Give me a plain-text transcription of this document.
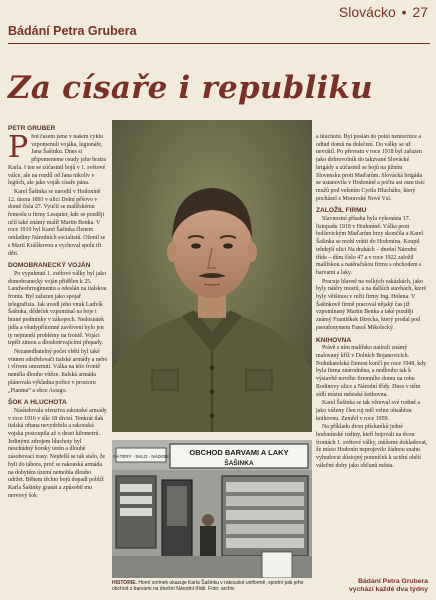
Slovácko • 27
Bádání Petra Grubera
Za císaře i republiku
PETR GRUBER

Před časem jsme v našem cyklu vzpomenuli vojáka, legionáře, Jana Šašinku. Dnes si připomeneme osudy jeho bratra Karla. I ten se zúčastnil bojů v 1. světové válce, ale na rozdíl od Jana nikoliv v legiích, ale jako voják císaře pána.

Karel Šašinka se narodil v Hodoníně 12. února 1893 v ulici Dolní pěšovo v domě čísla 27. Vyučil se malířskému řemeslu u firmy Lesquier, kde se později učil také známý malíř Martin Benka. V roce 1910 byl Karel Šašinka členem omladiny Národních socialistů. Oženil se s Marií Králíkovou a vychoval spolu tři děti.

DOMOBRANECKÝ VOJÁN

Po vypuknutí 1. světové války byl jako domobranecký voján přidělen k 25. Landwehrregimentu a odeslán na italskou frontu. Byl zařazen jako spojař telegrafista. Jak uvedl jeho vnuk Ludvík Šašinka, dědeček vzpomínal na boje i hrané podmínky v zákopech. Nedostatek jídla a všudypřítomné zavšivení bylo jen ty nejmenší problémy na frontě. Vojáci trpěli zimou a dlouhotrvajícími přepady.

Nezanedbatelný počet obětí byl také vinnen odstřelovači italské armády a nebo i vlivem umrznutí. Válka na této frontě neměla dlouho vítěze. Italská armáda plánovala výkladna pořice v prostoru „Pianina“ a obce Asiago.

ŠOK A HLUCHOTA

Následovala ofenziva rakouské armády v roce 1916 v síle 18 divizí. Tenkrát tlak italská ořtana nevydržela a rakouská vojska postoupila až o deset kilometrů. Jedinými zdrojem hluchoty byl neschůdný horský terén a dlouhé zásobovací trasy. Nejdelší se tak stalo, že byli do tábora, proč se rakouská armáda na dobytém území nemohla dlouho udržet. Během těchto bojů dopadl poblíž Karla Šašinky granát a způsobil mu nervový šok

NÁTĚRY · SKLO · NÁDOBÍ	OBCHOD BARVAMI A LAKY
ŠAŠINKA
HISTORIE. Horní snímek ukazuje Karla Šašinku v rakouské uniformě, spodní pak jeho obchod s barvami na dnešní Národní třídě. Foto: archiv

a hluchotu. Byl poslán do polní nemocnice a odtud domů na dolečení. Do války se už nevrátil. Po převratu v roce 1918 byl zařazen jako dobrovolník do takzvané Slovácké brigády a zúčastnil se bojů na jižním Slovensku proti Maďarům. Slovácká brigáda se ustanovila v Hodoníně a počtu asi osm tisíc mužů pod velením Cyrila Hlucháho, který pocházel z Moravské Nové Vsi.

ZALOŽIL FIRMU

Slavnostní přísaha byla vykonána 17. listopadu 1918 v Hodoníně. Válka proti bolševickým Maďarům brzy skončila a Karel Šašinka se mohl vrátit do Hodonína. Koupil tehdejší ulici Na drahách – dnešní Národní třída – dům číslo 47 a v roce 1922 založil malířskou a natěračskou firmu s obchodem s barvami a laky.

Pracuje hlavně na velkých zakázkách, jako byly nátěry mostů, a na dalších stavbách, které byly většinou v režii firmy Ing. Holena. V Šašinkově firmě pracoval nějaký čas již vzpomínaný Martin Benka a také později známý Františkek Ištrecka, který prodal pod pseudonymem Fanoš Mikolecký.

KNIHOVNA

Právě s ním malířsko natírali známý malovaný kříž v Dolních Bojanovicích. Podnikatelská činnost končí po roce 1948, kdy byla firma znárodněna, a nedlouho tak k výstavbě nového firemního domu na rohu Rodinovy ulice a Národní třídy. Dnes v něm sídlí místní městská knihovna.

Karel Šašinka se tak věnoval své rodině a jako váženy člen ruj měl velmi obsáhlou knihovnu. Zemřel v roce 1959.

Na příkladu dvou přísluníků jedné hodonínské rodiny, kteří bojovali na dvou frontách 1. světové války, můžeme dokladovat, že místo Hodonín neprojevilo žádnou snahu vybudovat důstojný pomníček k uctění obětí válečné doby jako občanů města.

Bádání Petra Grubera
vychází každé dva týdny
